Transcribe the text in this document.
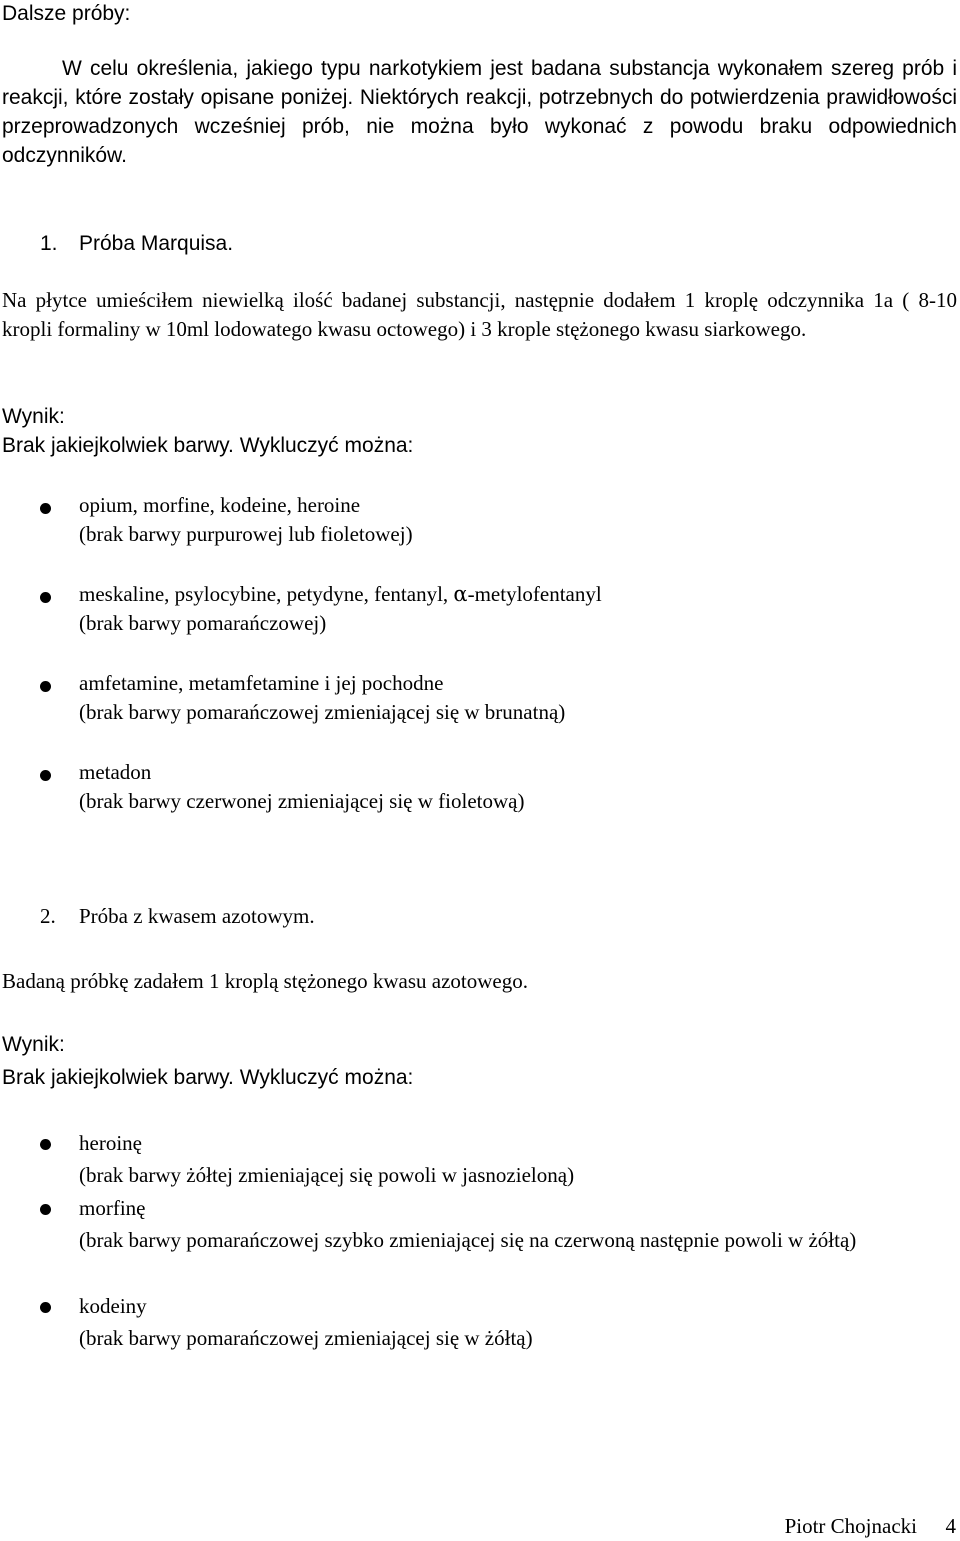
Dalsze próby:
W celu określenia, jakiego typu narkotykiem jest badana substancja wykonałem szereg prób i reakcji, które zostały opisane poniżej. Niektórych reakcji, potrzebnych do potwierdzenia prawidłowości przeprowadzonych wcześniej prób, nie można było wykonać z powodu braku odpowiednich odczynników.
1. Próba Marquisa.
Na płytce umieściłem niewielką ilość badanej substancji, następnie dodałem 1 kroplę odczynnika 1a ( 8-10 kropli formaliny w 10ml lodowatego kwasu octowego) i 3 krople stężonego kwasu siarkowego.
Wynik:
Brak jakiejkolwiek barwy. Wykluczyć można:
opium, morfine, kodeine, heroine
(brak barwy purpurowej lub fioletowej)
meskaline, psylocybine, petydyne, fentanyl, α-metylofentanyl
(brak barwy pomarańczowej)
amfetamine, metamfetamine i jej pochodne
(brak barwy pomarańczowej zmieniającej się w brunatną)
metadon
(brak barwy czerwonej zmieniającej się w fioletową)
2. Próba z kwasem azotowym.
Badaną próbkę zadałem 1 kroplą stężonego kwasu azotowego.
Wynik:
Brak jakiejkolwiek barwy. Wykluczyć można:
heroinę
(brak barwy żółtej zmieniającej się powoli w jasnozieloną)
morfinę
(brak barwy pomarańczowej szybko zmieniającej się na czerwoną następnie powoli w żółtą)
kodeiny
(brak barwy pomarańczowej zmieniającej się w żółtą)
Piotr Chojnacki 4
